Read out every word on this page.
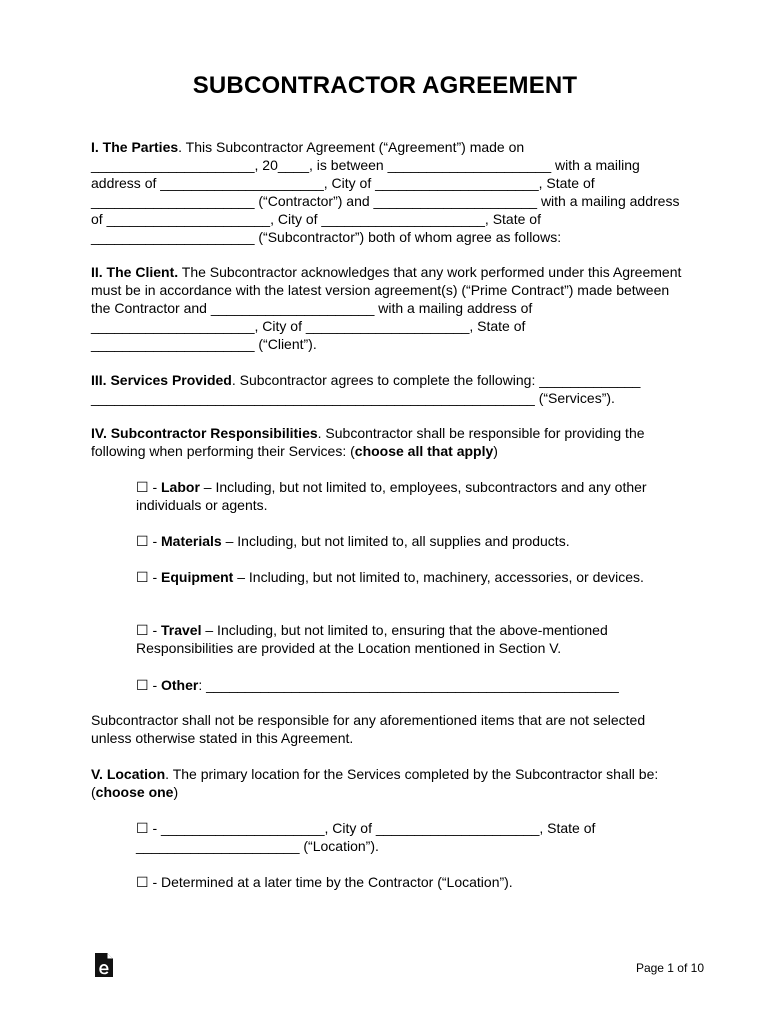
SUBCONTRACTOR AGREEMENT

I. The Parties. This Subcontractor Agreement (“Agreement”) made on _____________________, 20____, is between _____________________ with a mailing address of _____________________, City of _____________________, State of _____________________ (“Contractor”) and _____________________ with a mailing address of _____________________, City of _____________________, State of _____________________ (“Subcontractor”) both of whom agree as follows:

II. The Client. The Subcontractor acknowledges that any work performed under this Agreement must be in accordance with the latest version agreement(s) (“Prime Contract”) made between the Contractor and _____________________ with a mailing address of _____________________, City of _____________________, State of _____________________ (“Client”).

III. Services Provided. Subcontractor agrees to complete the following: _____________ _________________________________________________________ (“Services”).

IV. Subcontractor Responsibilities. Subcontractor shall be responsible for providing the following when performing their Services: (choose all that apply)

☐ - Labor – Including, but not limited to, employees, subcontractors and any other individuals or agents.

☐ - Materials – Including, but not limited to, all supplies and products.

☐ - Equipment – Including, but not limited to, machinery, accessories, or devices.

☐ - Travel – Including, but not limited to, ensuring that the above-mentioned Responsibilities are provided at the Location mentioned in Section V.

☐ - Other: _____________________________________________________

Subcontractor shall not be responsible for any aforementioned items that are not selected unless otherwise stated in this Agreement.

V. Location. The primary location for the Services completed by the Subcontractor shall be: (choose one)

☐ - _____________________, City of _____________________, State of _____________________ (“Location”).

☐ - Determined at a later time by the Contractor (“Location”).

Page 1 of 10
